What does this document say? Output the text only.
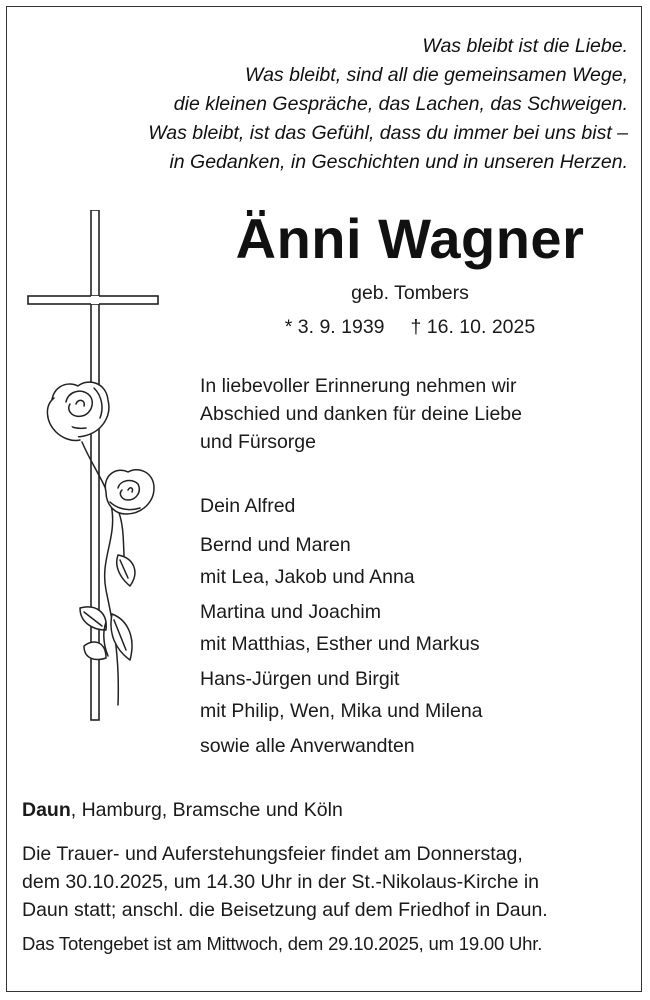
Was bleibt ist die Liebe.
Was bleibt, sind all die gemeinsamen Wege,
die kleinen Gespräche, das Lachen, das Schweigen.
Was bleibt, ist das Gefühl, dass du immer bei uns bist –
in Gedanken, in Geschichten und in unseren Herzen.
Änni Wagner
geb. Tombers
* 3. 9. 1939 † 16. 10. 2025
In liebevoller Erinnerung nehmen wir
Abschied und danken für deine Liebe
und Fürsorge
Dein Alfred
Bernd und Maren
mit Lea, Jakob und Anna
Martina und Joachim
mit Matthias, Esther und Markus
Hans-Jürgen und Birgit
mit Philip, Wen, Mika und Milena
sowie alle Anverwandten
Daun, Hamburg, Bramsche und Köln
Die Trauer- und Auferstehungsfeier findet am Donnerstag,
dem 30.10.2025, um 14.30 Uhr in der St.-Nikolaus-Kirche in
Daun statt; anschl. die Beisetzung auf dem Friedhof in Daun.
Das Totengebet ist am Mittwoch, dem 29.10.2025, um 19.00 Uhr.
